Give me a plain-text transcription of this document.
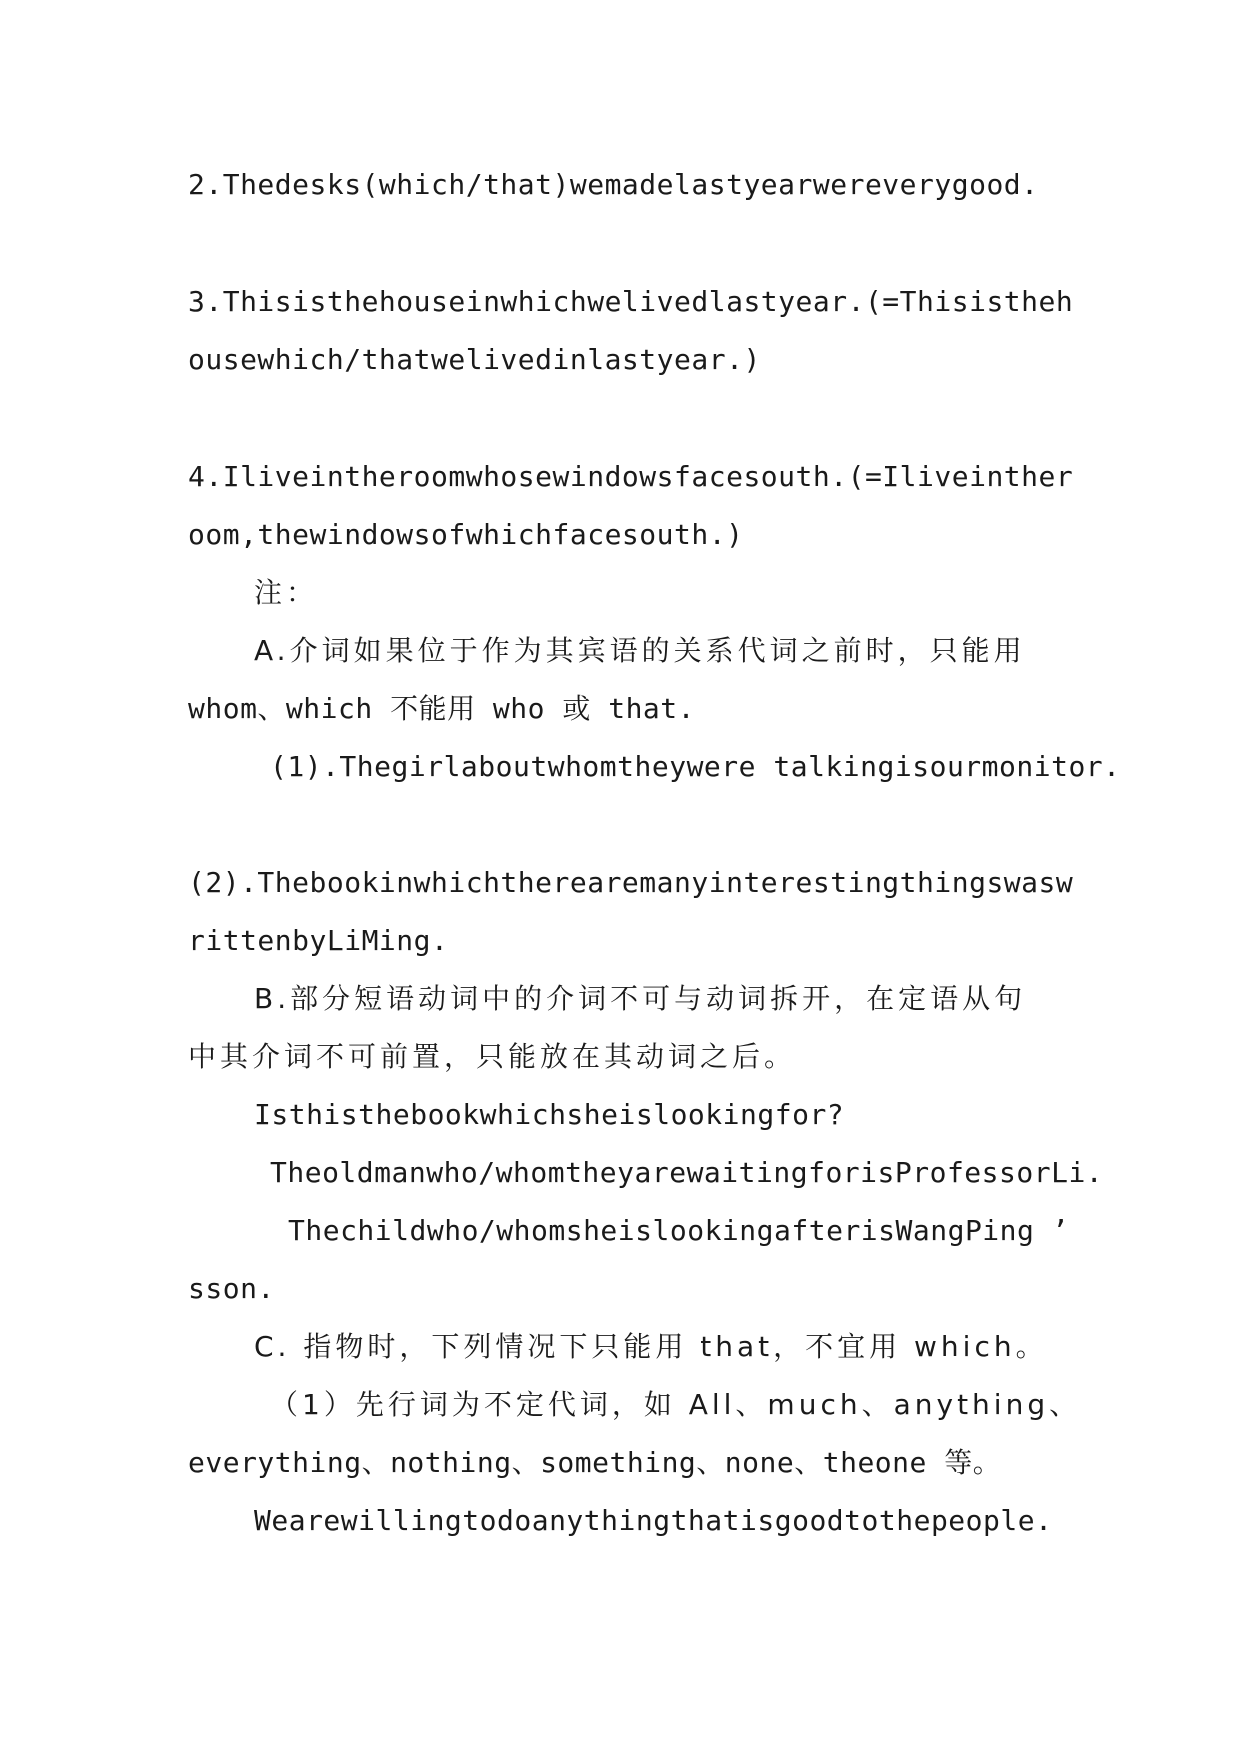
2.Thedesks(which/that)wemadelastyearwereverygood.
3.Thisisthehouseinwhichwelivedlastyear.(=Thisistheh
ousewhich/thatwelivedinlastyear.)
4.Iliveintheroomwhosewindowsfacesouth.(=Iliveinther
oom,thewindowsofwhichfacesouth.)
注：
A.介词如果位于作为其宾语的关系代词之前时，只能用
whom、which 不能用 who 或 that.
(1).Thegirlaboutwhomtheywere talkingisourmonitor.
(2).Thebookinwhichtherearemanyinterestingthingswasw
rittenbyLiMing.
B.部分短语动词中的介词不可与动词拆开，在定语从句
中其介词不可前置，只能放在其动词之后。
Isthisthebookwhichsheislookingfor?
Theoldmanwho/whomtheyarewaitingforisProfessorLi.
Thechildwho/whomsheislookingafterisWangPing ’
sson.
C. 指物时，下列情况下只能用 that，不宜用 which。
（1）先行词为不定代词，如 All、much、anything、
everything、nothing、something、none、theone 等。
Wearewillingtodoanythingthatisgoodtothepeople.
